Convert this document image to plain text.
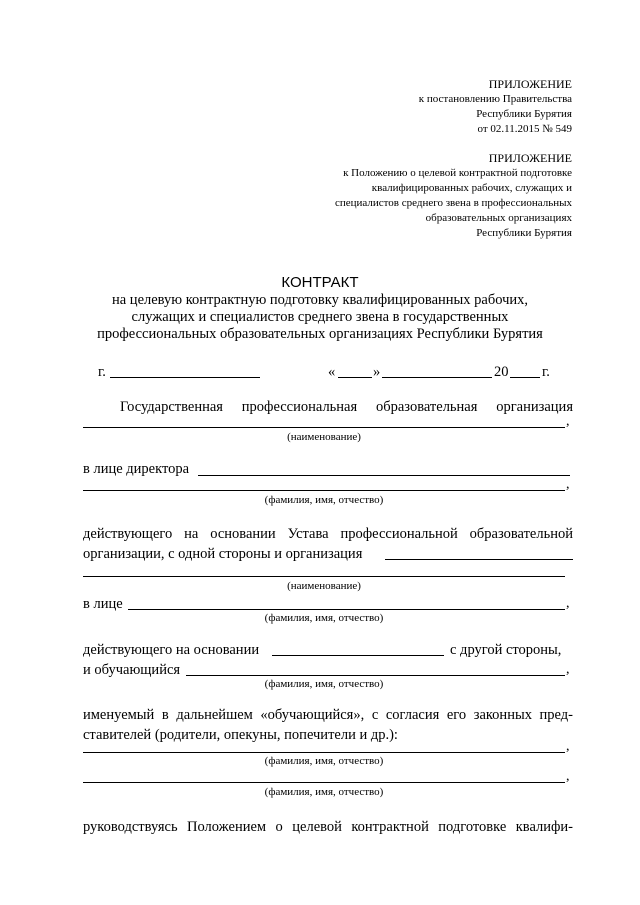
ПРИЛОЖЕНИЕ
к постановлению Правительства
Республики Бурятия
от 02.11.2015 № 549
ПРИЛОЖЕНИЕ
к Положению о целевой контрактной подготовке
квалифицированных рабочих, служащих и
специалистов среднего звена в профессиональных
образовательных организациях
Республики Бурятия
КОНТРАКТ
на целевую контрактную подготовку квалифицированных рабочих,
служащих и специалистов среднего звена в государственных
профессиональных образовательных организациях Республики Бурятия
г.	«	»	20 г.
Государственная профессиональная образовательная организация
,
(наименование)
в лице директора
,
(фамилия, имя, отчество)
действующего на основании Устава профессиональной образовательной
организации, с одной стороны и организация
(наименование)
в лице	,
(фамилия, имя, отчество)
действующего на основании	с другой стороны,
и обучающийся	,
(фамилия, имя, отчество)
именуемый в дальнейшем «обучающийся», с согласия его законных пред-
ставителей (родители, опекуны, попечители и др.):
,
(фамилия, имя, отчество)
,
(фамилия, имя, отчество)
руководствуясь Положением о целевой контрактной подготовке квалифи-
